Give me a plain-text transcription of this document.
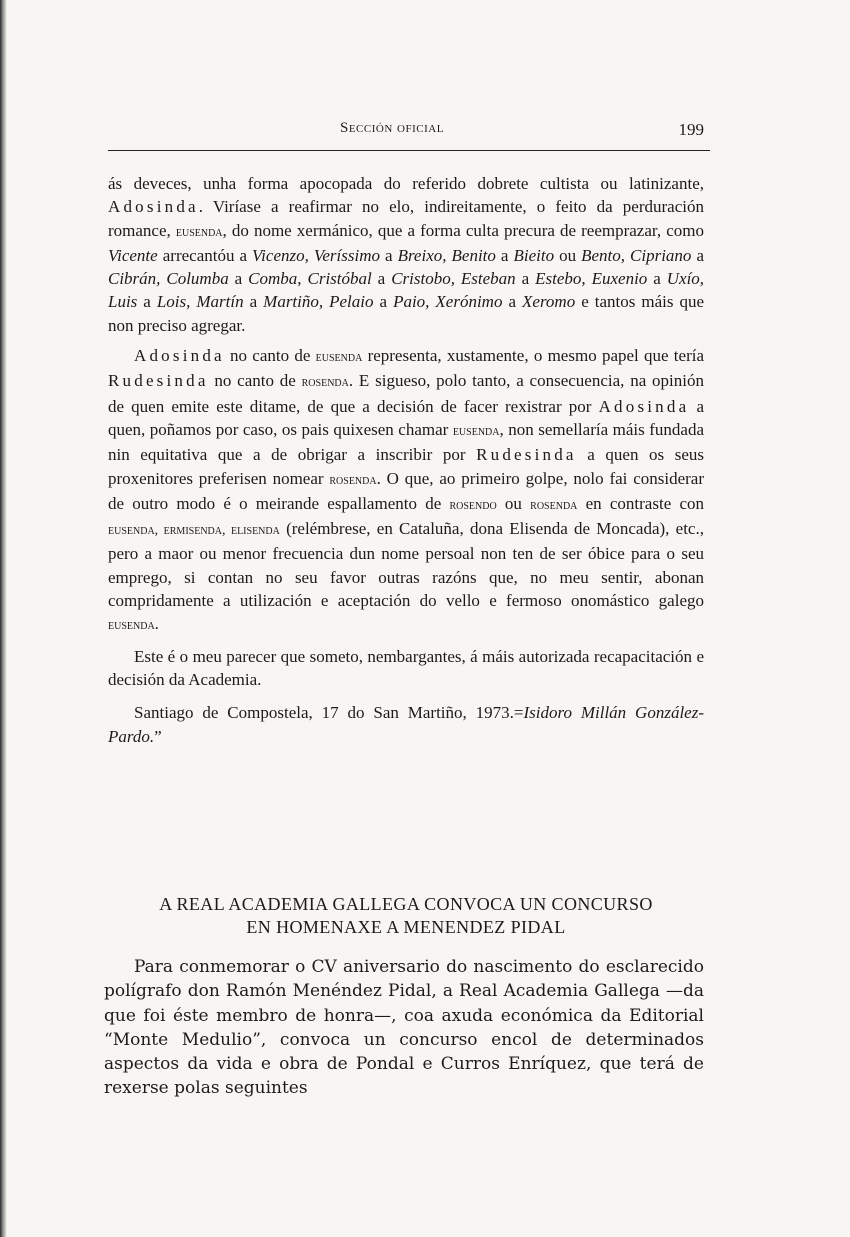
Sección oficial	199

ás deveces, unha forma apocopada do referido dobrete cultista ou latinizante, Adosinda. Viríase a reafirmar no elo, indireitamente, o feito da perduración romance, eusenda, do nome xermánico, que a forma culta precura de reemprazar, como Vicente arrecantóu a Vicenzo, Veríssimo a Breixo, Benito a Bieito ou Bento, Cipriano a Cibrán, Columba a Comba, Cristóbal a Cristobo, Esteban a Estebo, Euxenio a Uxío, Luis a Lois, Martín a Martiño, Pelaio a Paio, Xerónimo a Xeromo e tantos máis que non preciso agregar.

Adosinda no canto de eusenda representa, xustamente, o mesmo papel que tería Rudesinda no canto de rosenda. E sigueso, polo tanto, a consecuencia, na opinión de quen emite este ditame, de que a decisión de facer rexistrar por Adosinda a quen, poñamos por caso, os pais quixesen chamar eusenda, non semellaría máis fundada nin equitativa que a de obrigar a inscribir por Rudesinda a quen os seus proxenitores preferisen nomear rosenda. O que, ao primeiro golpe, nolo fai considerar de outro modo é o meirande espallamento de rosendo ou rosenda en contraste con eusenda, ermisenda, elisenda (relémbrese, en Cataluña, dona Elisenda de Moncada), etc., pero a maor ou menor frecuencia dun nome persoal non ten de ser óbice para o seu emprego, si contan no seu favor outras razóns que, no meu sentir, abonan compridamente a utilización e aceptación do vello e fermoso onomástico galego eusenda.

Este é o meu parecer que someto, nembargantes, á máis autorizada recapacitación e decisión da Academia.

Santiago de Compostela, 17 do San Martiño, 1973.=Isidoro Millán González-Pardo.”

A REAL ACADEMIA GALLEGA CONVOCA UN CONCURSO
EN HOMENAXE A MENENDEZ PIDAL

Para conmemorar o CV aniversario do nascimento do esclarecido polígrafo don Ramón Menéndez Pidal, a Real Academia Gallega —da que foi éste membro de honra—, coa axuda económica da Editorial “Monte Medulio”, convoca un concurso encol de determinados aspectos da vida e obra de Pondal e Curros Enríquez, que terá de rexerse polas seguintes
